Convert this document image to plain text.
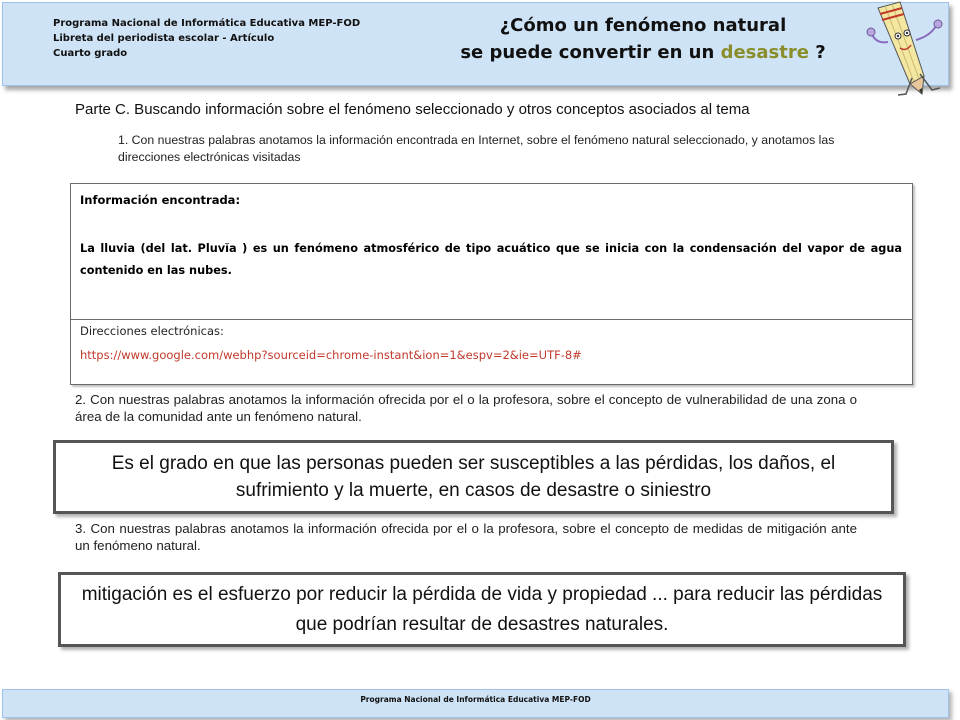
Programa Nacional de Informática Educativa MEP-FOD
Libreta del periodista escolar - Artículo
Cuarto grado
¿Cómo un fenómeno natural
se puede convertir en un desastre ?
Parte C. Buscando información sobre el fenómeno seleccionado y otros conceptos asociados al tema
1. Con nuestras palabras anotamos la información encontrada en Internet, sobre el fenómeno natural seleccionado, y anotamos las direcciones electrónicas visitadas
Información encontrada:
La lluvia (del lat. Pluvĭa ) es un fenómeno atmosférico de tipo acuático que se inicia con la condensación del vapor de agua contenido en las nubes.
Direcciones electrónicas:
https://www.google.com/webhp?sourceid=chrome-instant&ion=1&espv=2&ie=UTF-8#
2. Con nuestras palabras anotamos la información ofrecida por el o la profesora, sobre el concepto de vulnerabilidad de una zona o área de la comunidad ante un fenómeno natural.
Es el grado en que las personas pueden ser susceptibles a las pérdidas, los daños, el sufrimiento y la muerte, en casos de desastre o siniestro
3. Con nuestras palabras anotamos la información ofrecida por el o la profesora, sobre el concepto de medidas de mitigación ante un fenómeno natural.
mitigación es el esfuerzo por reducir la pérdida de vida y propiedad ... para reducir las pérdidas que podrían resultar de desastres naturales.
Programa Nacional de Informática Educativa MEP-FOD
